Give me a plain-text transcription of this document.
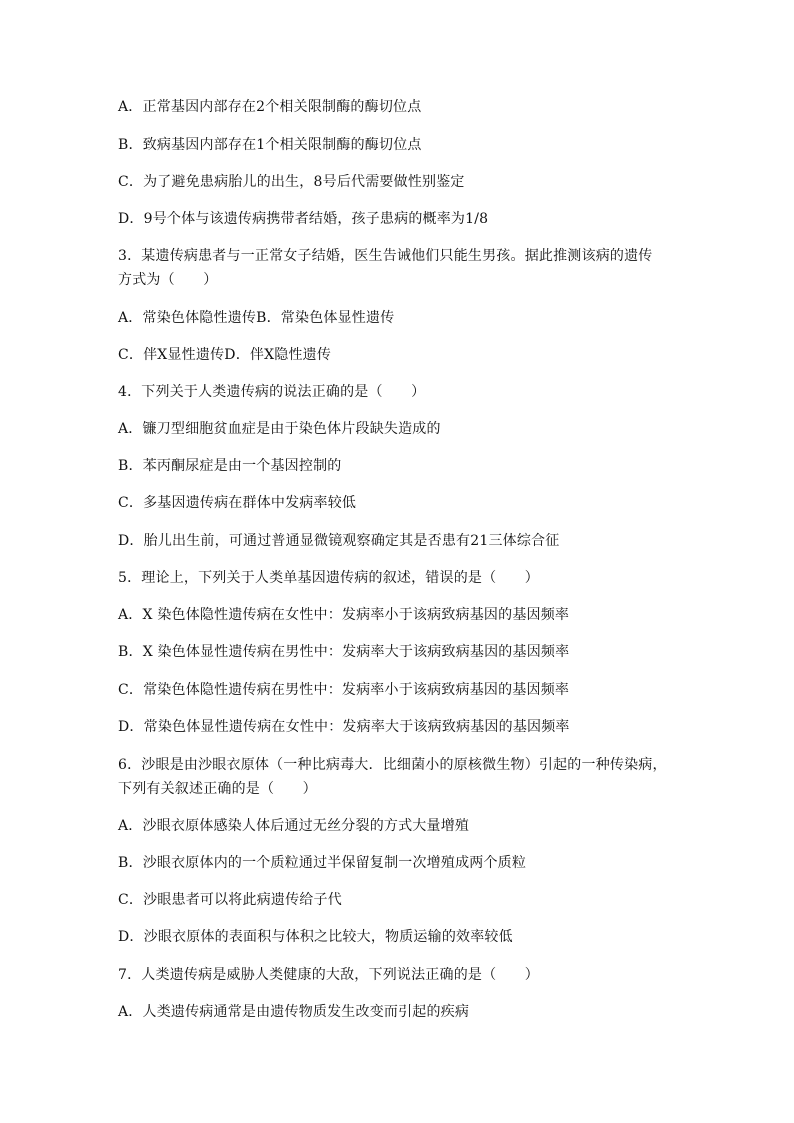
A．正常基因内部存在2个相关限制酶的酶切位点
B．致病基因内部存在1个相关限制酶的酶切位点
C．为了避免患病胎儿的出生，8号后代需要做性别鉴定
D．9号个体与该遗传病携带者结婚，孩子患病的概率为1/8
3．某遗传病患者与一正常女子结婚，医生告诫他们只能生男孩。据此推测该病的遗传
方式为（　　）
A．常染色体隐性遗传B．常染色体显性遗传
C．伴X显性遗传D．伴X隐性遗传
4．下列关于人类遗传病的说法正确的是（　　）
A．镰刀型细胞贫血症是由于染色体片段缺失造成的
B．苯丙酮尿症是由一个基因控制的
C．多基因遗传病在群体中发病率较低
D．胎儿出生前，可通过普通显微镜观察确定其是否患有21三体综合征
5．理论上，下列关于人类单基因遗传病的叙述，错误的是（　　）
A．X 染色体隐性遗传病在女性中：发病率小于该病致病基因的基因频率
B．X 染色体显性遗传病在男性中：发病率大于该病致病基因的基因频率
C．常染色体隐性遗传病在男性中：发病率小于该病致病基因的基因频率
D．常染色体显性遗传病在女性中：发病率大于该病致病基因的基因频率
6．沙眼是由沙眼衣原体（一种比病毒大．比细菌小的原核微生物）引起的一种传染病，
下列有关叙述正确的是（　　）
A．沙眼衣原体感染人体后通过无丝分裂的方式大量增殖
B．沙眼衣原体内的一个质粒通过半保留复制一次增殖成两个质粒
C．沙眼患者可以将此病遗传给子代
D．沙眼衣原体的表面积与体积之比较大，物质运输的效率较低
7．人类遗传病是威胁人类健康的大敌，下列说法正确的是（　　）
A．人类遗传病通常是由遗传物质发生改变而引起的疾病
